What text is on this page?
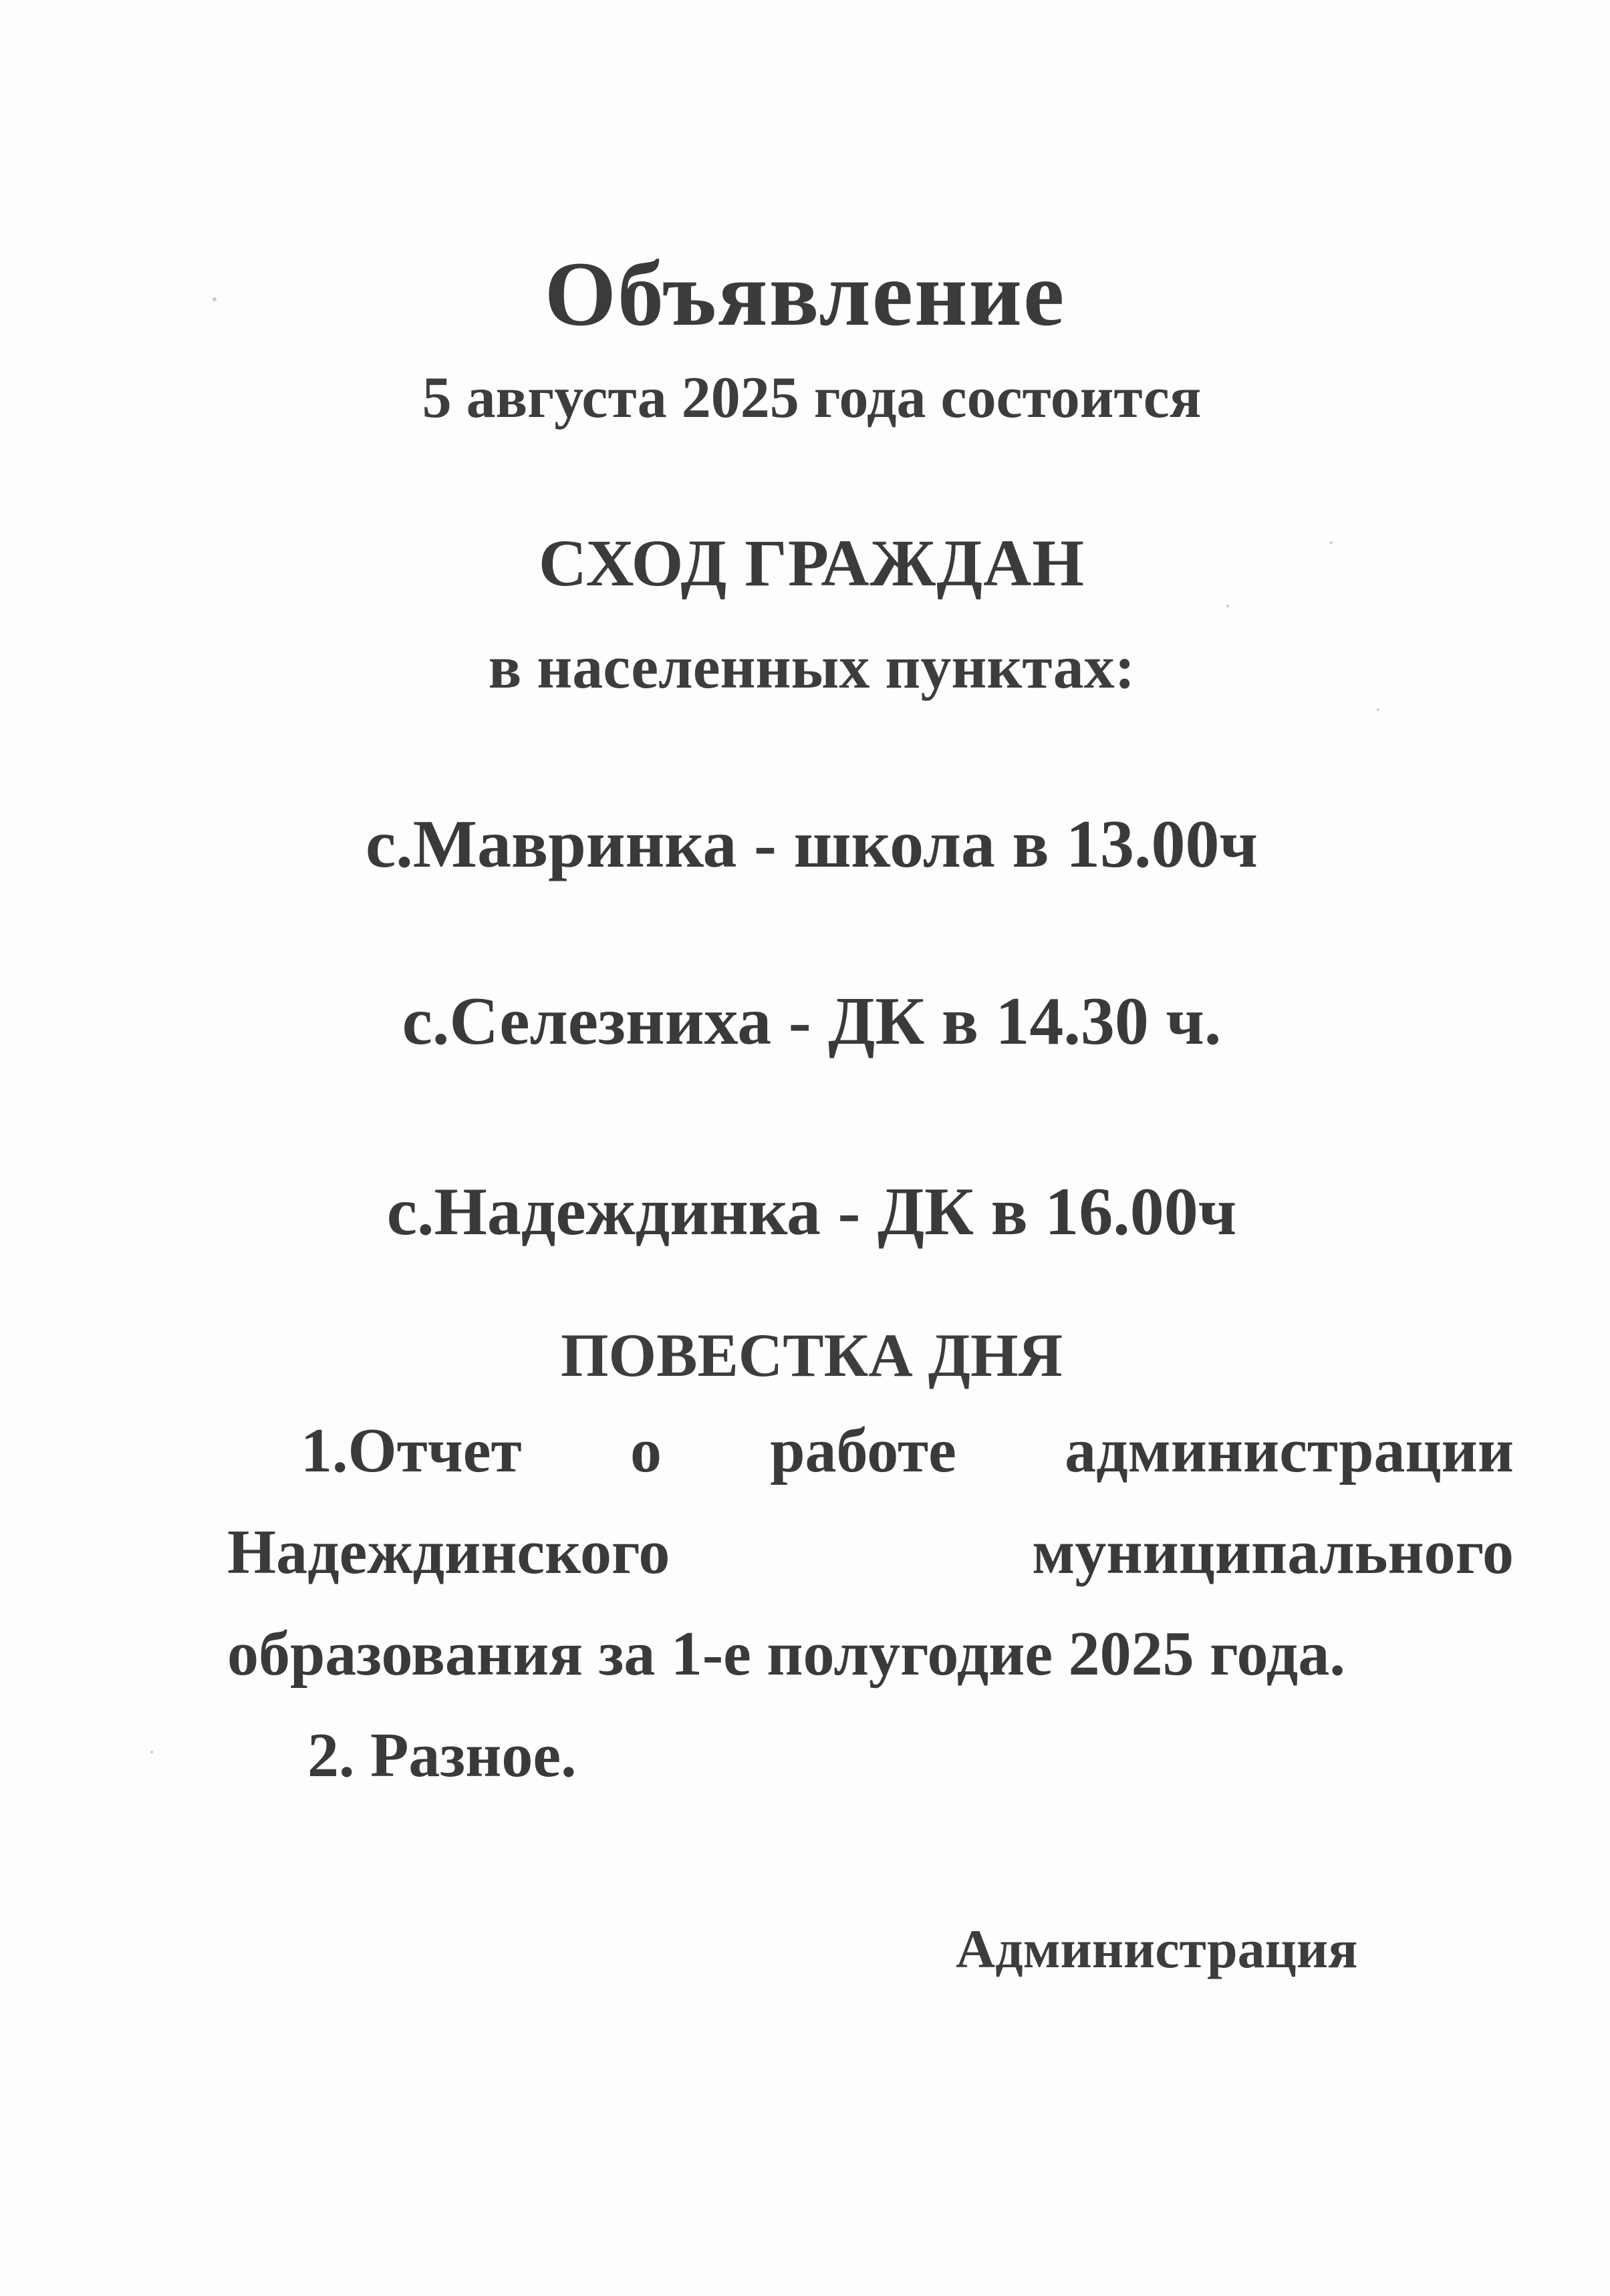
Объявление

5 августа 2025 года состоится

СХОД ГРАЖДАН

в населенных пунктах:

с.Мавринка - школа в 13.00ч

с.Селезниха - ДК в 14.30 ч.

с.Надеждинка - ДК в 16.00ч

ПОВЕСТКА ДНЯ

1.Отчет о работе администрации Надеждинского муниципального образования за 1-е полугодие 2025 года.

2. Разное.

Администрация
